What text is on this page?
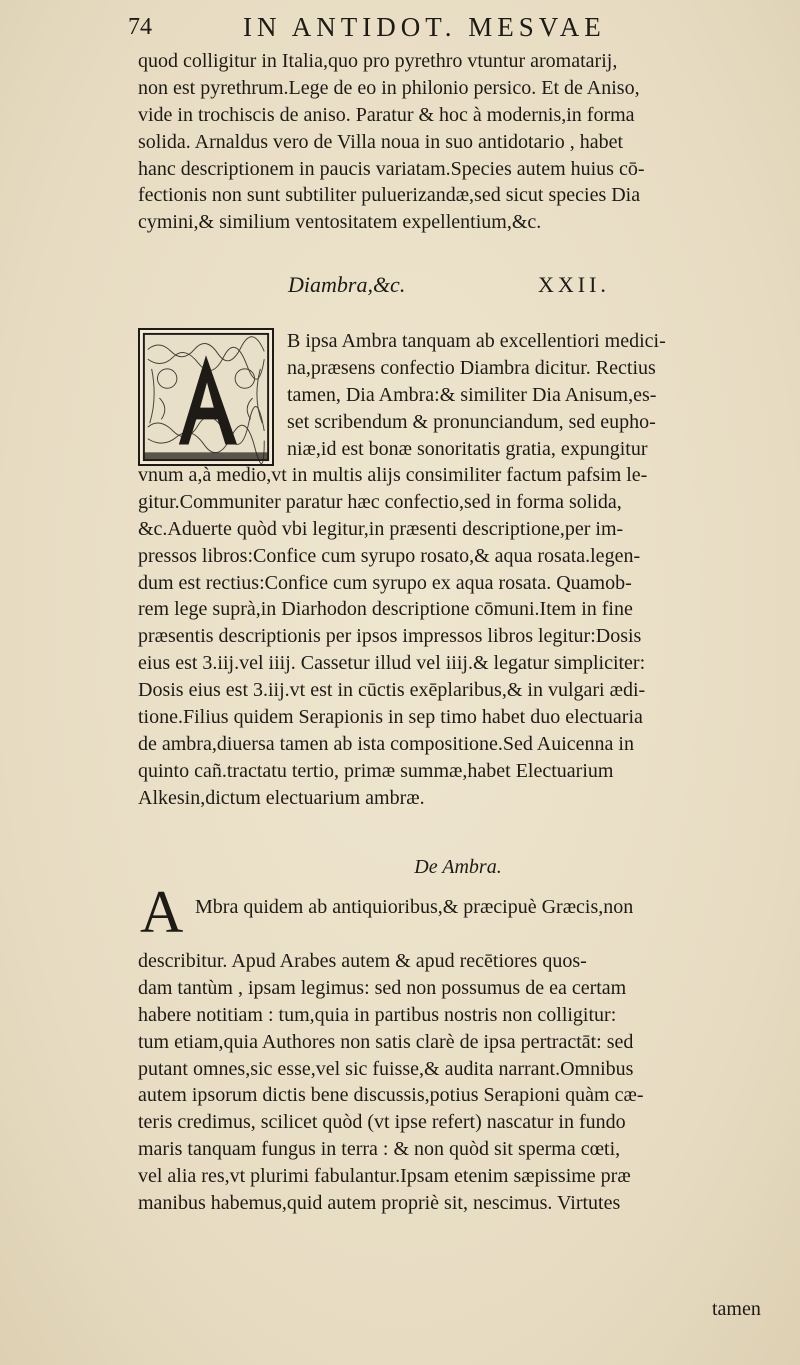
74	IN ANTIDOT. MESVAE
quod colligitur in Italia,quo pro pyrethro vtuntur aromatarij,
non est pyrethrum.Lege de eo in philonio persico. Et de Aniso,
vide in trochiscis de aniso. Paratur & hoc à modernis,in forma
solida. Arnaldus vero de Villa noua in suo antidotario , habet
hanc descriptionem in paucis variatam.Species autem huius cō-
fectionis non sunt subtiliter puluerizandæ,sed sicut species Dia
cymini,& similium ventositatem expellentium,&c.
Diambra,&c.	XXII.
B ipsa Ambra tanquam ab excellentiori medici-
na,præsens confectio Diambra dicitur. Rectius
tamen, Dia Ambra:& similiter Dia Anisum,es-
set scribendum & pronunciandum, sed eupho-
niæ,id est bonæ sonoritatis gratia, expungitur
vnum a,à medio,vt in multis alijs consimiliter factum pafsim le-
gitur.Communiter paratur hæc confectio,sed in forma solida,
&c.Aduerte quòd vbi legitur,in præsenti descriptione,per im-
pressos libros:Confice cum syrupo rosato,& aqua rosata.legen-
dum est rectius:Confice cum syrupo ex aqua rosata. Quamob-
rem lege suprà,in Diarhodon descriptione cōmuni.Item in fine
præsentis descriptionis per ipsos impressos libros legitur:Dosis
eius est 3.iij.vel iiij. Cassetur illud vel iiij.& legatur simpliciter:
Dosis eius est 3.iij.vt est in cūctis exēplaribus,& in vulgari ædi-
tione.Filius quidem Serapionis in sep timo habet duo electuaria
de ambra,diuersa tamen ab ista compositione.Sed Auicenna in
quinto cañ.tractatu tertio, primæ summæ,habet Electuarium
Alkesin,dictum electuarium ambræ.
De Ambra.
A Mbra quidem ab antiquioribus,& præcipuè Græcis,non
describitur. Apud Arabes autem & apud recētiores quos-
dam tantùm , ipsam legimus: sed non possumus de ea certam
habere notitiam : tum,quia in partibus nostris non colligitur:
tum etiam,quia Authores non satis clarè de ipsa pertractāt: sed
putant omnes,sic esse,vel sic fuisse,& audita narrant.Omnibus
autem ipsorum dictis bene discussis,potius Serapioni quàm cæ-
teris credimus, scilicet quòd (vt ipse refert) nascatur in fundo
maris tanquam fungus in terra : & non quòd sit sperma cœti,
vel alia res,vt plurimi fabulantur.Ipsam etenim sæpissime præ
manibus habemus,quid autem propriè sit, nescimus. Virtutes
tamen
